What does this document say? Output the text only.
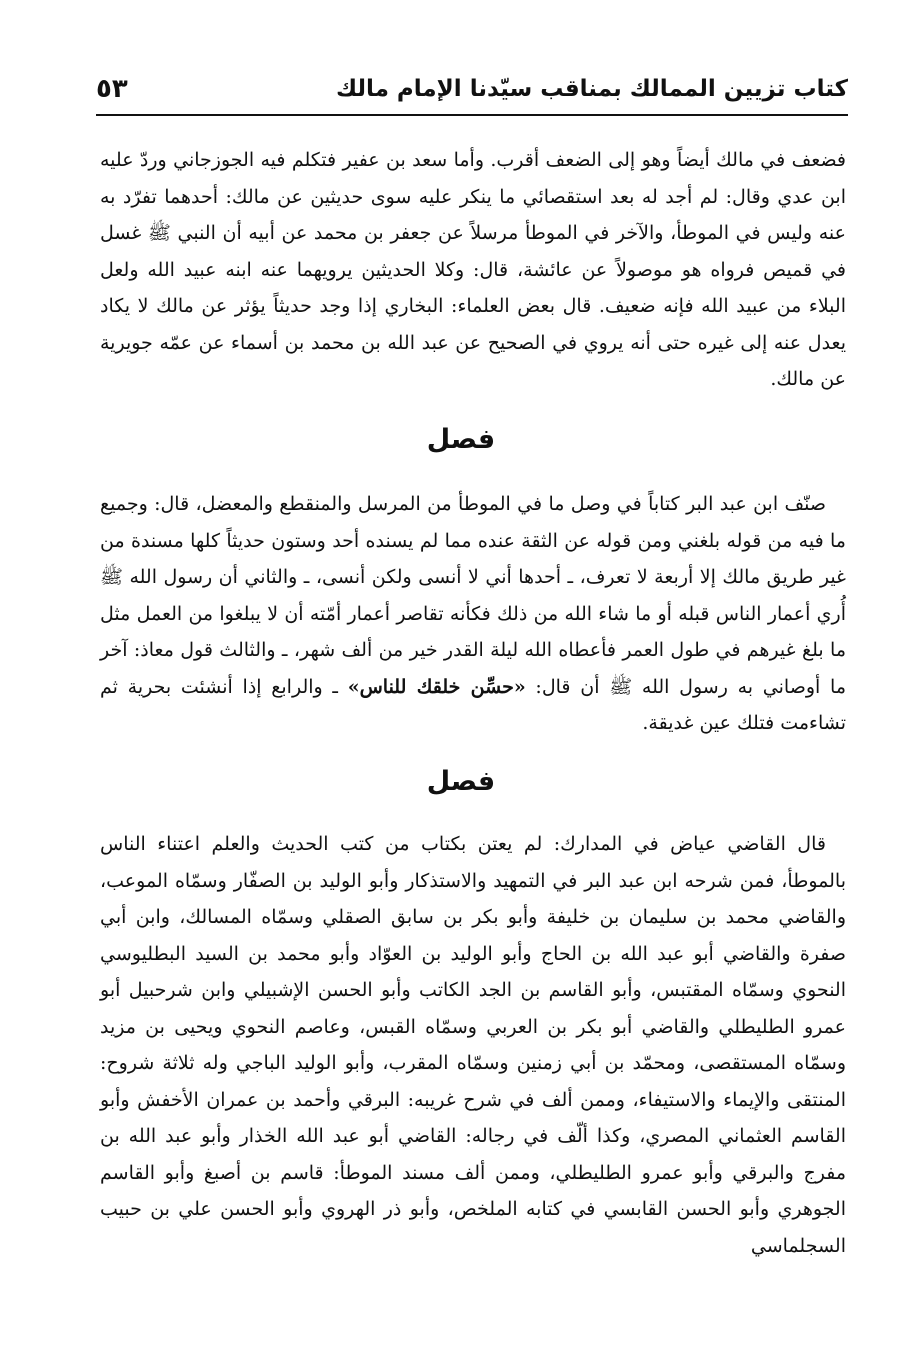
كتاب تزيين الممالك بمناقب سيّدنا الإمام مالك
٥٣

فضعف في مالك أيضاً وهو إلى الضعف أقرب. وأما سعد بن عفير فتكلم فيه الجوزجاني وردّ عليه ابن عدي وقال: لم أجد له بعد استقصائي ما ينكر عليه سوى حديثين عن مالك: أحدهما تفرّد به عنه وليس في الموطأ، والآخر في الموطأ مرسلاً عن جعفر بن محمد عن أبيه أن النبي ﷺ غسل في قميص فرواه هو موصولاً عن عائشة، قال: وكلا الحديثين يرويهما عنه ابنه عبيد الله ولعل البلاء من عبيد الله فإنه ضعيف. قال بعض العلماء: البخاري إذا وجد حديثاً يؤثر عن مالك لا يكاد يعدل عنه إلى غيره حتى أنه يروي في الصحيح عن عبد الله بن محمد بن أسماء عن عمّه جويرية عن مالك.

فصل

صنّف ابن عبد البر كتاباً في وصل ما في الموطأ من المرسل والمنقطع والمعضل، قال: وجميع ما فيه من قوله بلغني ومن قوله عن الثقة عنده مما لم يسنده أحد وستون حديثاً كلها مسندة من غير طريق مالك إلا أربعة لا تعرف، ـ أحدها أني لا أنسى ولكن أنسى، ـ والثاني أن رسول الله ﷺ أُري أعمار الناس قبله أو ما شاء الله من ذلك فكأنه تقاصر أعمار أمّته أن لا يبلغوا من العمل مثل ما بلغ غيرهم في طول العمر فأعطاه الله ليلة القدر خير من ألف شهر، ـ والثالث قول معاذ: آخر ما أوصاني به رسول الله ﷺ أن قال: «حسِّن خلقك للناس» ـ والرابع إذا أنشئت بحرية ثم تشاءمت فتلك عين غديقة.

فصل

قال القاضي عياض في المدارك: لم يعتن بكتاب من كتب الحديث والعلم اعتناء الناس بالموطأ، فمن شرحه ابن عبد البر في التمهيد والاستذكار وأبو الوليد بن الصفّار وسمّاه الموعب، والقاضي محمد بن سليمان بن خليفة وأبو بكر بن سابق الصقلي وسمّاه المسالك، وابن أبي صفرة والقاضي أبو عبد الله بن الحاج وأبو الوليد بن العوّاد وأبو محمد بن السيد البطليوسي النحوي وسمّاه المقتبس، وأبو القاسم بن الجد الكاتب وأبو الحسن الإشبيلي وابن شرحبيل أبو عمرو الطليطلي والقاضي أبو بكر بن العربي وسمّاه القبس، وعاصم النحوي ويحيى بن مزيد وسمّاه المستقصى، ومحمّد بن أبي زمنين وسمّاه المقرب، وأبو الوليد الباجي وله ثلاثة شروح: المنتقى والإيماء والاستيفاء، وممن ألف في شرح غريبه: البرقي وأحمد بن عمران الأخفش وأبو القاسم العثماني المصري، وكذا ألّف في رجاله: القاضي أبو عبد الله الخذار وأبو عبد الله بن مفرج والبرقي وأبو عمرو الطليطلي، وممن ألف مسند الموطأ: قاسم بن أصبغ وأبو القاسم الجوهري وأبو الحسن القابسي في كتابه الملخص، وأبو ذر الهروي وأبو الحسن علي بن حبيب السجلماسي
